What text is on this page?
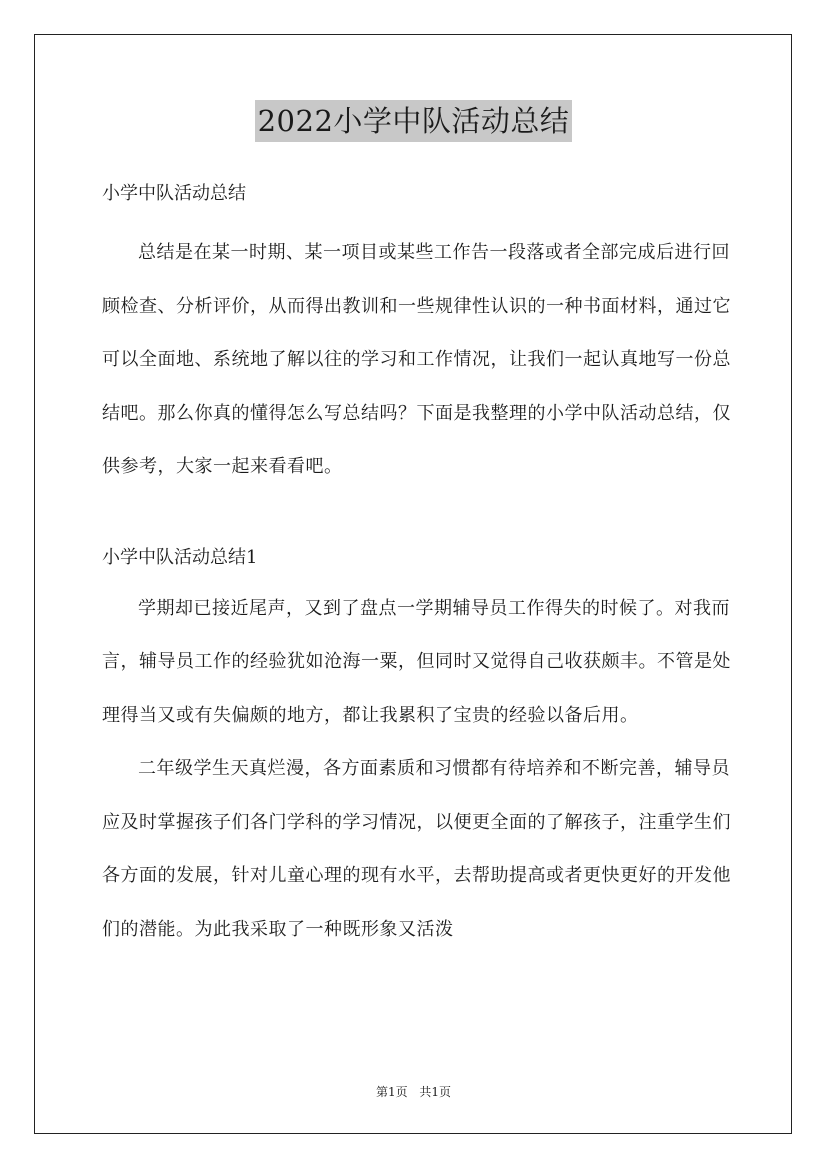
2022小学中队活动总结
小学中队活动总结

总结是在某一时期、某一项目或某些工作告一段落或者全部完成后进行回顾检查、分析评价，从而得出教训和一些规律性认识的一种书面材料，通过它可以全面地、系统地了解以往的学习和工作情况，让我们一起认真地写一份总结吧。那么你真的懂得怎么写总结吗？下面是我整理的小学中队活动总结，仅供参考，大家一起来看看吧。

小学中队活动总结1

学期却已接近尾声，又到了盘点一学期辅导员工作得失的时候了。对我而言，辅导员工作的经验犹如沧海一粟，但同时又觉得自己收获颇丰。不管是处理得当又或有失偏颇的地方，都让我累积了宝贵的经验以备后用。

二年级学生天真烂漫，各方面素质和习惯都有待培养和不断完善，辅导员应及时掌握孩子们各门学科的学习情况，以便更全面的了解孩子，注重学生们各方面的发展，针对儿童心理的现有水平，去帮助提高或者更快更好的开发他们的潜能。为此我采取了一种既形象又活泼

第1页 共1页
